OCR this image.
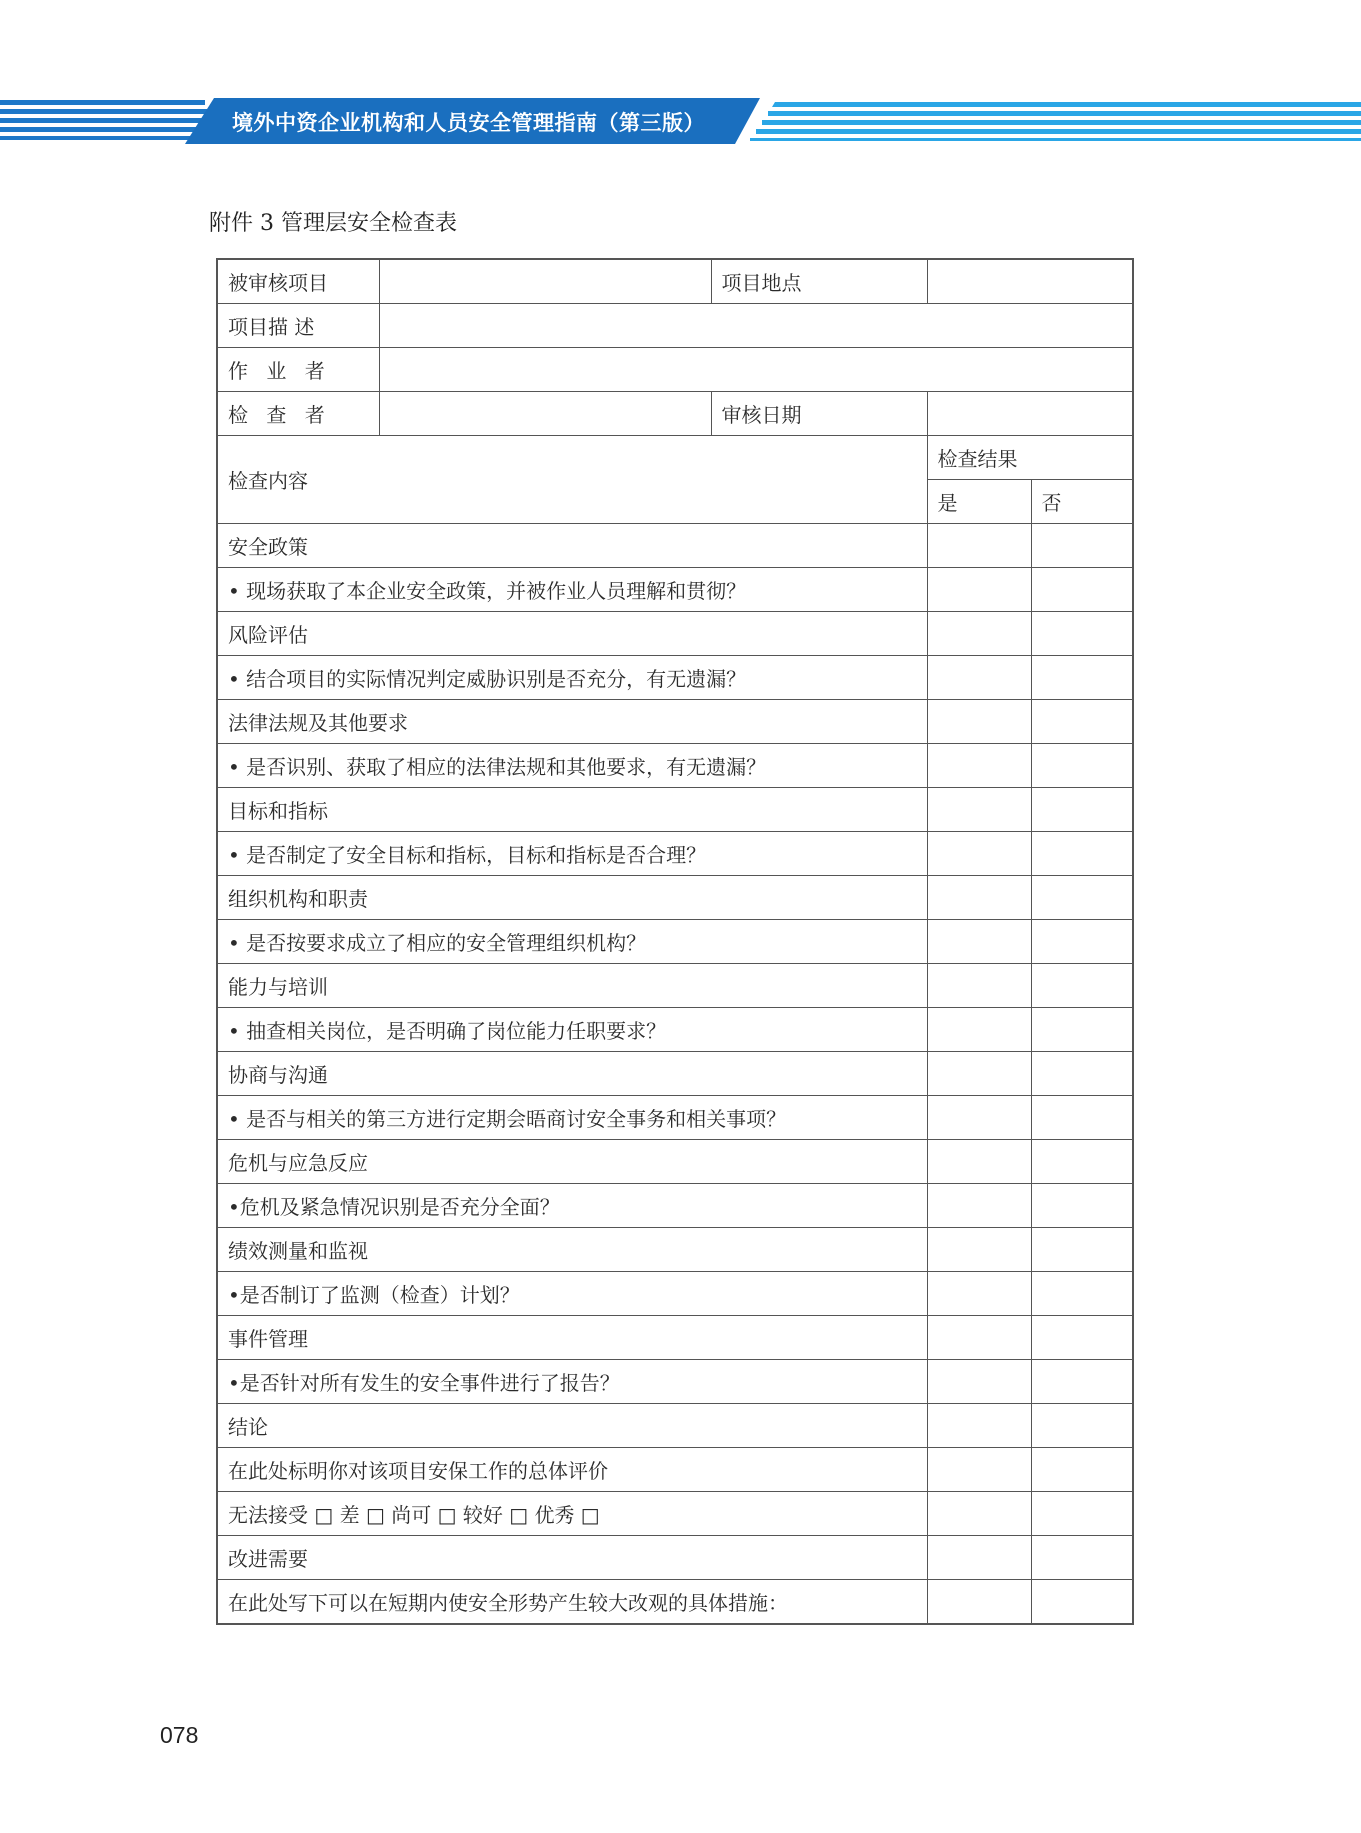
境外中资企业机构和人员安全管理指南（第三版）
附件 3 管理层安全检查表
被审核项目		项目地点		
项目描 述				
作 业 者				
检 查 者		审核日期		
检查内容			检查结果	
			是	否
安全政策				
• 现场获取了本企业安全政策，并被作业人员理解和贯彻？				
风险评估				
• 结合项目的实际情况判定威胁识别是否充分，有无遗漏？				
法律法规及其他要求				
• 是否识别、获取了相应的法律法规和其他要求，有无遗漏？				
目标和指标				
• 是否制定了安全目标和指标，目标和指标是否合理？				
组织机构和职责				
• 是否按要求成立了相应的安全管理组织机构？				
能力与培训				
• 抽查相关岗位，是否明确了岗位能力任职要求？				
协商与沟通				
• 是否与相关的第三方进行定期会晤商讨安全事务和相关事项？				
危机与应急反应				
•危机及紧急情况识别是否充分全面？				
绩效测量和监视				
•是否制订了监测（检查）计划？				
事件管理				
•是否针对所有发生的安全事件进行了报告？				
结论				
在此处标明你对该项目安保工作的总体评价				
无法接受 □ 差 □ 尚可 □ 较好 □ 优秀 □				
改进需要				
在此处写下可以在短期内使安全形势产生较大改观的具体措施：				
078
